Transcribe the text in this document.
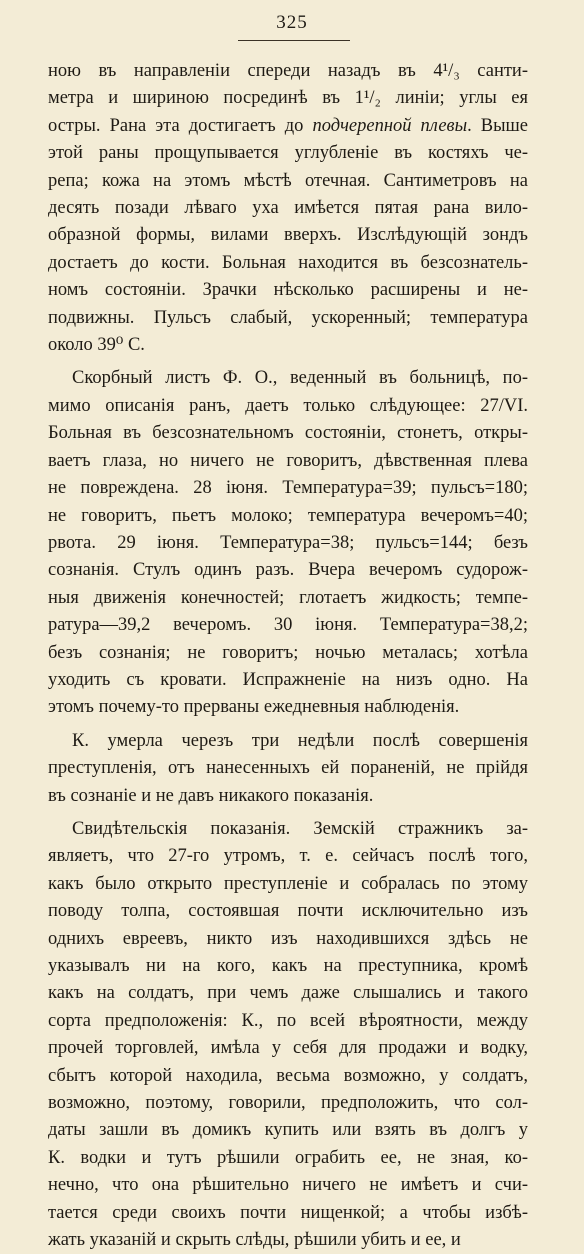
325

ною въ направленіи спереди назадъ въ 4¹/₃ санти-

метра и шириною посрединѣ въ 1¹/₂ линіи; углы ея

остры. Рана эта достигаетъ до подчерепной плевы. Выше

этой раны прощупывается углубленіе въ костяхъ че-

репа; кожа на этомъ мѣстѣ отечная. Сантиметровъ на

десять позади лѣваго уха имѣется пятая рана вило-

образной формы, вилами вверхъ. Изслѣдующій зондъ

достаетъ до кости. Больная находится въ безсознатель-

номъ состояніи. Зрачки нѣсколько расширены и не-

подвижны. Пульсъ слабый, ускоренный; температура

около 39⁰ С.

Скорбный листъ Ф. О., веденный въ больницѣ, по-

мимо описанія ранъ, даетъ только слѣдующее: 27/VI.

Больная въ безсознательномъ состояніи, стонетъ, откры-

ваетъ глаза, но ничего не говоритъ, дѣвственная плева

не повреждена. 28 іюня. Температура=39; пульсъ=180;

не говоритъ, пьетъ молоко; температура вечеромъ=40;

рвота. 29 іюня. Температура=38; пульсъ=144; безъ

сознанія. Стулъ одинъ разъ. Вчера вечеромъ судорож-

ныя движенія конечностей; глотаетъ жидкость; темпе-

ратура—39,2 вечеромъ. 30 іюня. Температура=38,2;

безъ сознанія; не говоритъ; ночью металась; хотѣла

уходить съ кровати. Испражненіе на низъ одно. На

этомъ почему-то прерваны ежедневныя наблюденія.

К. умерла черезъ три недѣли послѣ совершенія

преступленія, отъ нанесенныхъ ей пораненій, не прійдя

въ сознаніе и не давъ никакого показанія.

Свидѣтельскія показанія. Земскій стражникъ за-

являетъ, что 27-го утромъ, т. е. сейчасъ послѣ того,

какъ было открыто преступленіе и собралась по этому

поводу толпа, состоявшая почти исключительно изъ

однихъ евреевъ, никто изъ находившихся здѣсь не

указывалъ ни на кого, какъ на преступника, кромѣ

какъ на солдатъ, при чемъ даже слышались и такого

сорта предположенія: К., по всей вѣроятности, между

прочей торговлей, имѣла у себя для продажи и водку,

сбытъ которой находила, весьма возможно, у солдатъ,

возможно, поэтому, говорили, предположить, что сол-

даты зашли въ домикъ купить или взять въ долгъ у

К. водки и тутъ рѣшили ограбить ее, не зная, ко-

нечно, что она рѣшительно ничего не имѣетъ и счи-

тается среди своихъ почти нищенкой; а чтобы избѣ-

жать указаній и скрыть слѣды, рѣшили убить и ее, и
